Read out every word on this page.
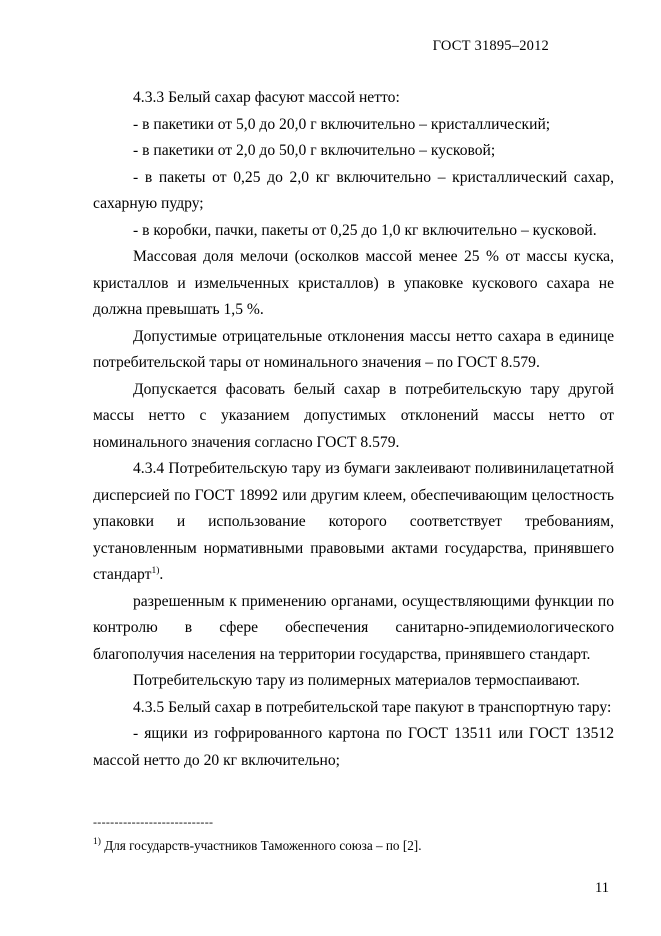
ГОСТ 31895–2012

4.3.3 Белый сахар фасуют массой нетто:

- в пакетики от 5,0 до 20,0 г включительно – кристаллический;

- в пакетики от 2,0 до 50,0 г включительно – кусковой;

- в пакеты от 0,25 до 2,0 кг включительно – кристаллический сахар, сахарную пудру;

- в коробки, пачки, пакеты от 0,25 до 1,0 кг включительно – кусковой.

Массовая доля мелочи (осколков массой менее 25 % от массы куска, кристаллов и измельченных кристаллов) в упаковке кускового сахара не должна превышать 1,5 %.

Допустимые отрицательные отклонения массы нетто сахара в единице потребительской тары от номинального значения – по ГОСТ 8.579.

Допускается фасовать белый сахар в потребительскую тару другой массы нетто с указанием допустимых отклонений массы нетто от номинального значения согласно ГОСТ 8.579.

4.3.4 Потребительскую тару из бумаги заклеивают поливинилацетатной дисперсией по ГОСТ 18992 или другим клеем, обеспечивающим целостность упаковки и использование которого соответствует требованиям, установленным нормативными правовыми актами государства, принявшего стандарт$^{1)}$.

разрешенным к применению органами, осуществляющими функции по контролю в сфере обеспечения санитарно-эпидемиологического благополучия населения на территории государства, принявшего стандарт.

Потребительскую тару из полимерных материалов термоспаивают.

4.3.5 Белый сахар в потребительской таре пакуют в транспортную тару:

- ящики из гофрированного картона по ГОСТ 13511 или ГОСТ 13512 массой нетто до 20 кг включительно;

----------------------------
$^{1)}$ Для государств-участников Таможенного союза – по [2].
11
